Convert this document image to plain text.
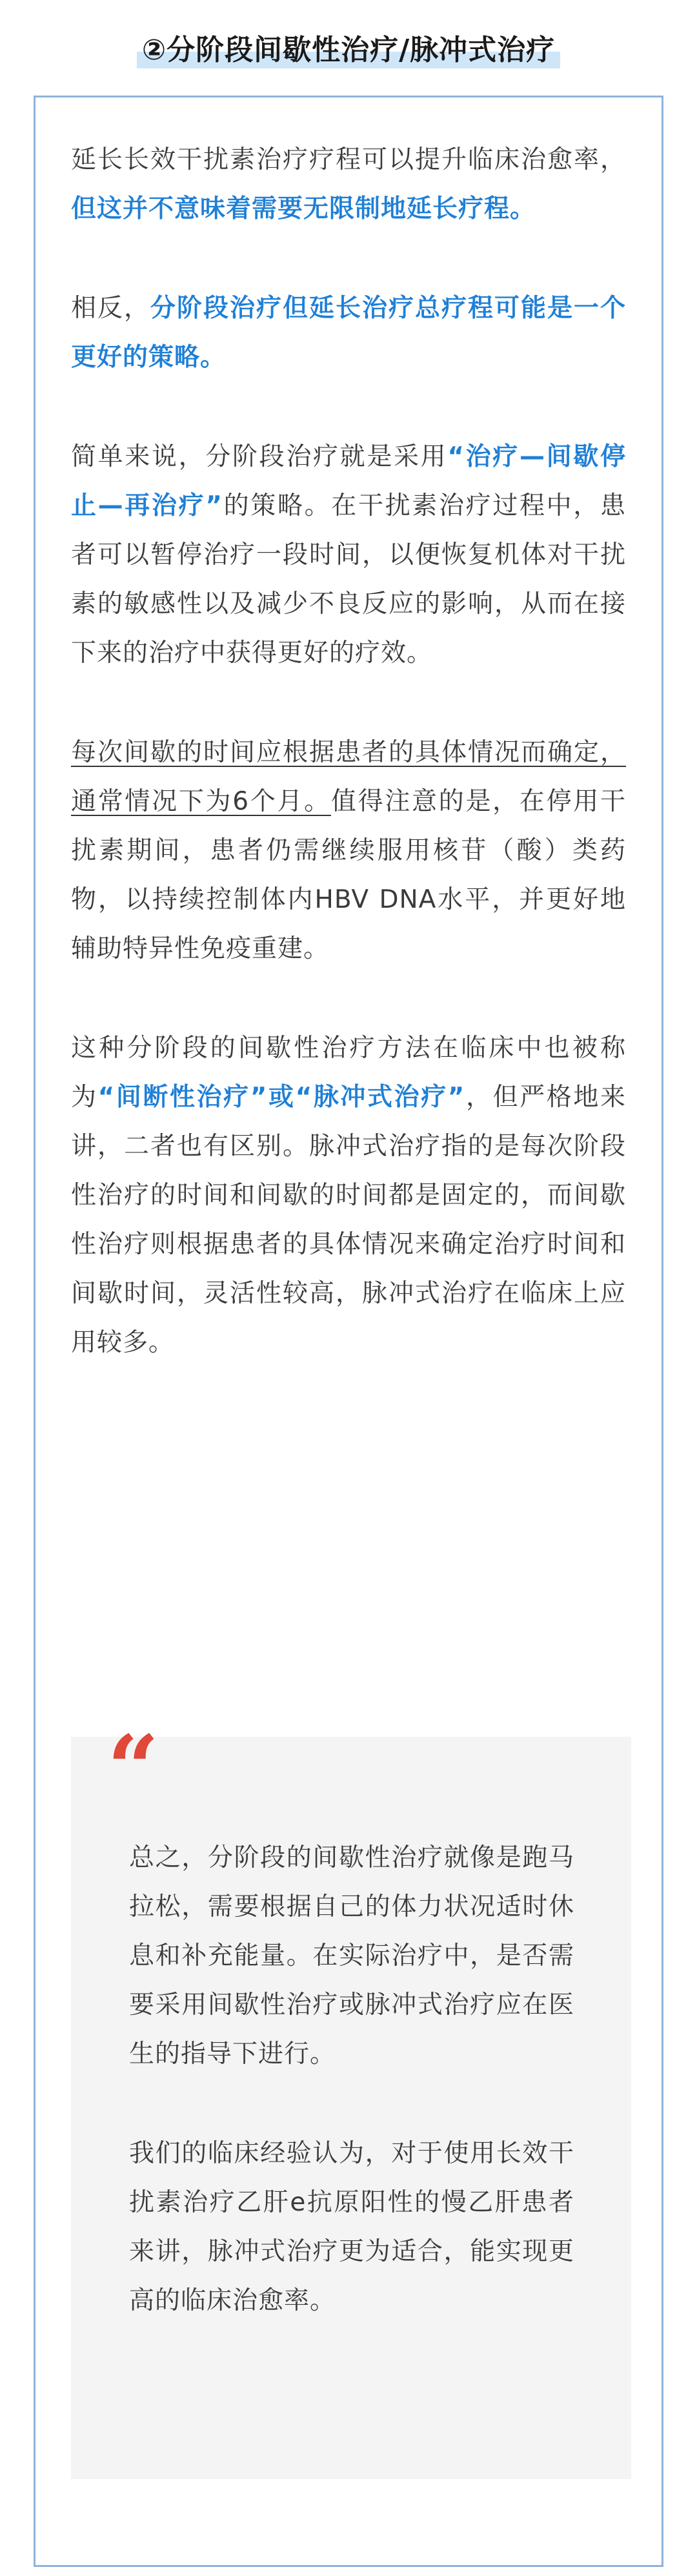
②分阶段间歇性治疗/脉冲式治疗

延长长效干扰素治疗疗程可以提升临床治愈率，但这并不意味着需要无限制地延长疗程。

相反，分阶段治疗但延长治疗总疗程可能是一个更好的策略。

简单来说，分阶段治疗就是采用“治疗—间歇停止—再治疗”的策略。在干扰素治疗过程中，患者可以暂停治疗一段时间，以便恢复机体对干扰素的敏感性以及减少不良反应的影响，从而在接下来的治疗中获得更好的疗效。

每次间歇的时间应根据患者的具体情况而确定，通常情况下为6个月。值得注意的是，在停用干扰素期间，患者仍需继续服用核苷（酸）类药物，以持续控制体内HBV DNA水平，并更好地辅助特异性免疫重建。

这种分阶段的间歇性治疗方法在临床中也被称为“间断性治疗”或“脉冲式治疗”，但严格地来讲，二者也有区别。脉冲式治疗指的是每次阶段性治疗的时间和间歇的时间都是固定的，而间歇性治疗则根据患者的具体情况来确定治疗时间和间歇时间，灵活性较高，脉冲式治疗在临床上应用较多。

“

总之，分阶段的间歇性治疗就像是跑马拉松，需要根据自己的体力状况适时休息和补充能量。在实际治疗中，是否需要采用间歇性治疗或脉冲式治疗应在医生的指导下进行。

我们的临床经验认为，对于使用长效干扰素治疗乙肝e抗原阳性的慢乙肝患者来讲，脉冲式治疗更为适合，能实现更高的临床治愈率。
